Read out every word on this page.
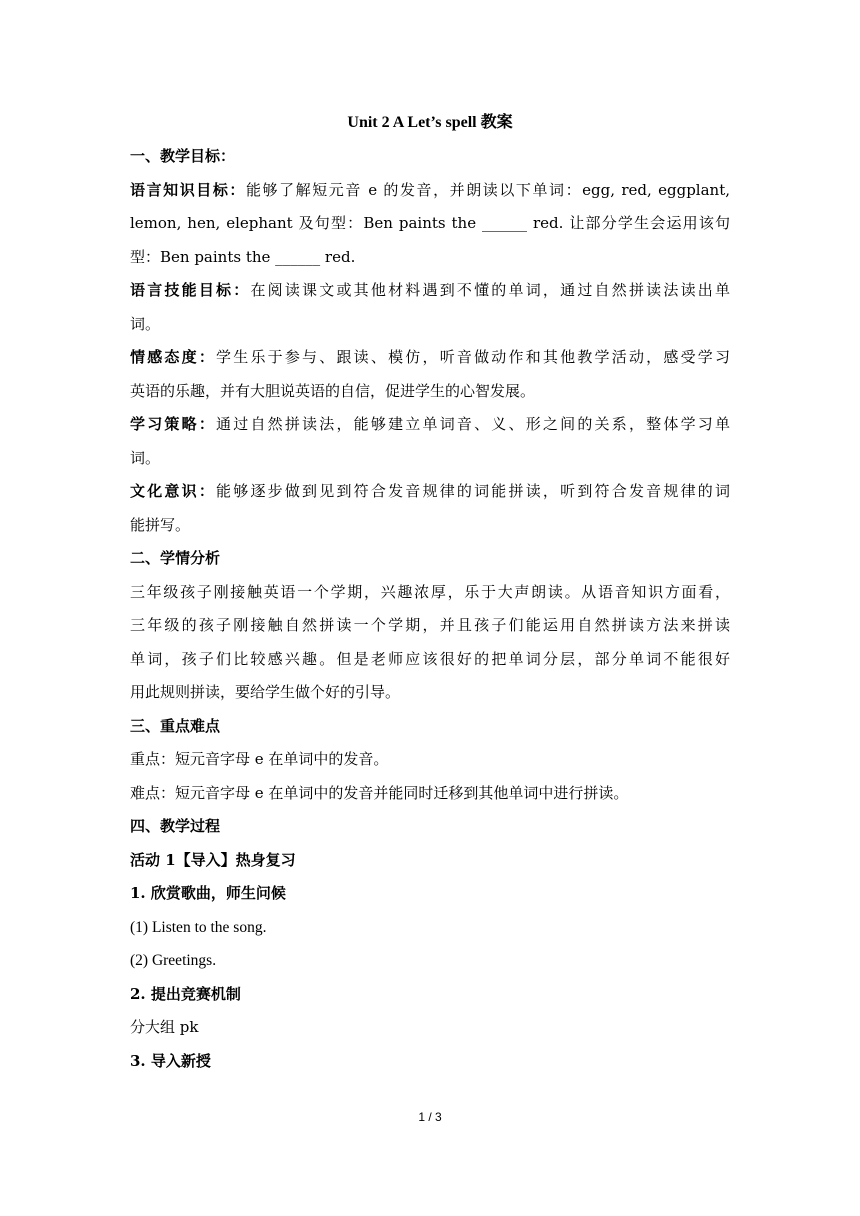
Unit 2 A Let’s spell 教案

一、教学目标：

语言知识目标：能够了解短元音 e 的发音，并朗读以下单词：egg, red, eggplant,

lemon, hen, elephant 及句型：Ben paints the ______ red. 让部分学生会运用该句

型：Ben paints the ______ red.

语言技能目标：在阅读课文或其他材料遇到不懂的单词，通过自然拼读法读出单

词。

情感态度：学生乐于参与、跟读、模仿，听音做动作和其他教学活动，感受学习

英语的乐趣，并有大胆说英语的自信，促进学生的心智发展。

学习策略：通过自然拼读法，能够建立单词音、义、形之间的关系，整体学习单

词。

文化意识：能够逐步做到见到符合发音规律的词能拼读，听到符合发音规律的词

能拼写。

二、学情分析

三年级孩子刚接触英语一个学期，兴趣浓厚，乐于大声朗读。从语音知识方面看，

三年级的孩子刚接触自然拼读一个学期，并且孩子们能运用自然拼读方法来拼读

单词，孩子们比较感兴趣。但是老师应该很好的把单词分层，部分单词不能很好

用此规则拼读，要给学生做个好的引导。

三、重点难点

重点：短元音字母 e 在单词中的发音。

难点：短元音字母 e 在单词中的发音并能同时迁移到其他单词中进行拼读。

四、教学过程

活动 1【导入】热身复习

1. 欣赏歌曲，师生问候

(1) Listen to the song.

(2) Greetings.

2. 提出竞赛机制

分大组 pk

3. 导入新授

1 / 3
